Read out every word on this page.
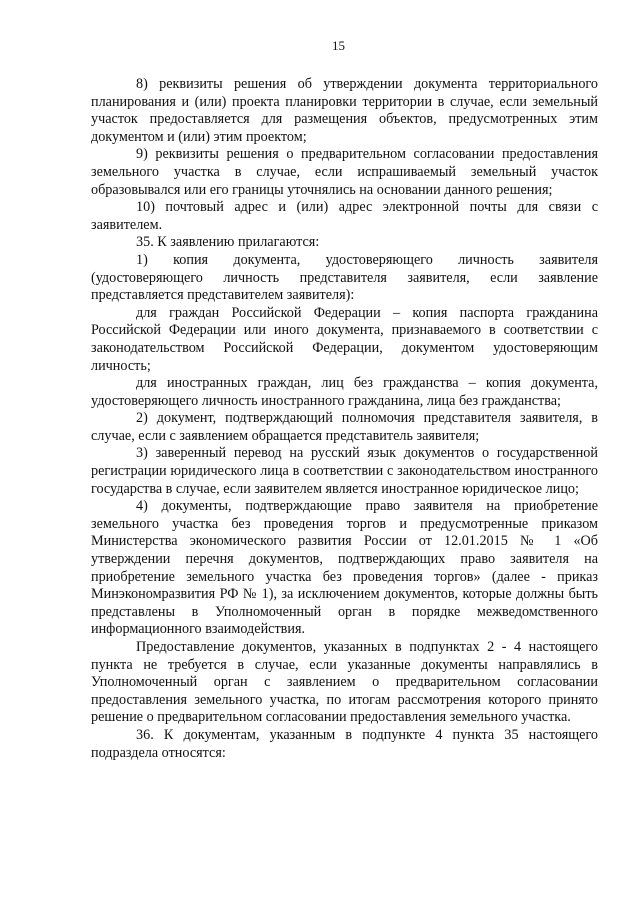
15

8) реквизиты решения об утверждении документа территориального планирования и (или) проекта планировки территории в случае, если земельный участок предоставляется для размещения объектов, предусмотренных этим документом и (или) этим проектом;

9) реквизиты решения о предварительном согласовании предоставления земельного участка в случае, если испрашиваемый земельный участок образовывался или его границы уточнялись на основании данного решения;

10) почтовый адрес и (или) адрес электронной почты для связи с заявителем.

35. К заявлению прилагаются:

1) копия документа, удостоверяющего личность заявителя (удостоверяющего личность представителя заявителя, если заявление представляется представителем заявителя):

для граждан Российской Федерации – копия паспорта гражданина Российской Федерации или иного документа, признаваемого в соответствии с законодательством Российской Федерации, документом удостоверяющим личность;

для иностранных граждан, лиц без гражданства – копия документа, удостоверяющего личность иностранного гражданина, лица без гражданства;

2) документ, подтверждающий полномочия представителя заявителя, в случае, если с заявлением обращается представитель заявителя;

3) заверенный перевод на русский язык документов о государственной регистрации юридического лица в соответствии с законодательством иностранного государства в случае, если заявителем является иностранное юридическое лицо;

4) документы, подтверждающие право заявителя на приобретение земельного участка без проведения торгов и предусмотренные приказом Министерства экономического развития России от 12.01.2015 № 1 «Об утверждении перечня документов, подтверждающих право заявителя на приобретение земельного участка без проведения торгов» (далее - приказ Минэкономразвития РФ № 1), за исключением документов, которые должны быть представлены в Уполномоченный орган в порядке межведомственного информационного взаимодействия.

Предоставление документов, указанных в подпунктах 2 - 4 настоящего пункта не требуется в случае, если указанные документы направлялись в Уполномоченный орган с заявлением о предварительном согласовании предоставления земельного участка, по итогам рассмотрения которого принято решение о предварительном согласовании предоставления земельного участка.

36. К документам, указанным в подпункте 4 пункта 35 настоящего подраздела относятся:
